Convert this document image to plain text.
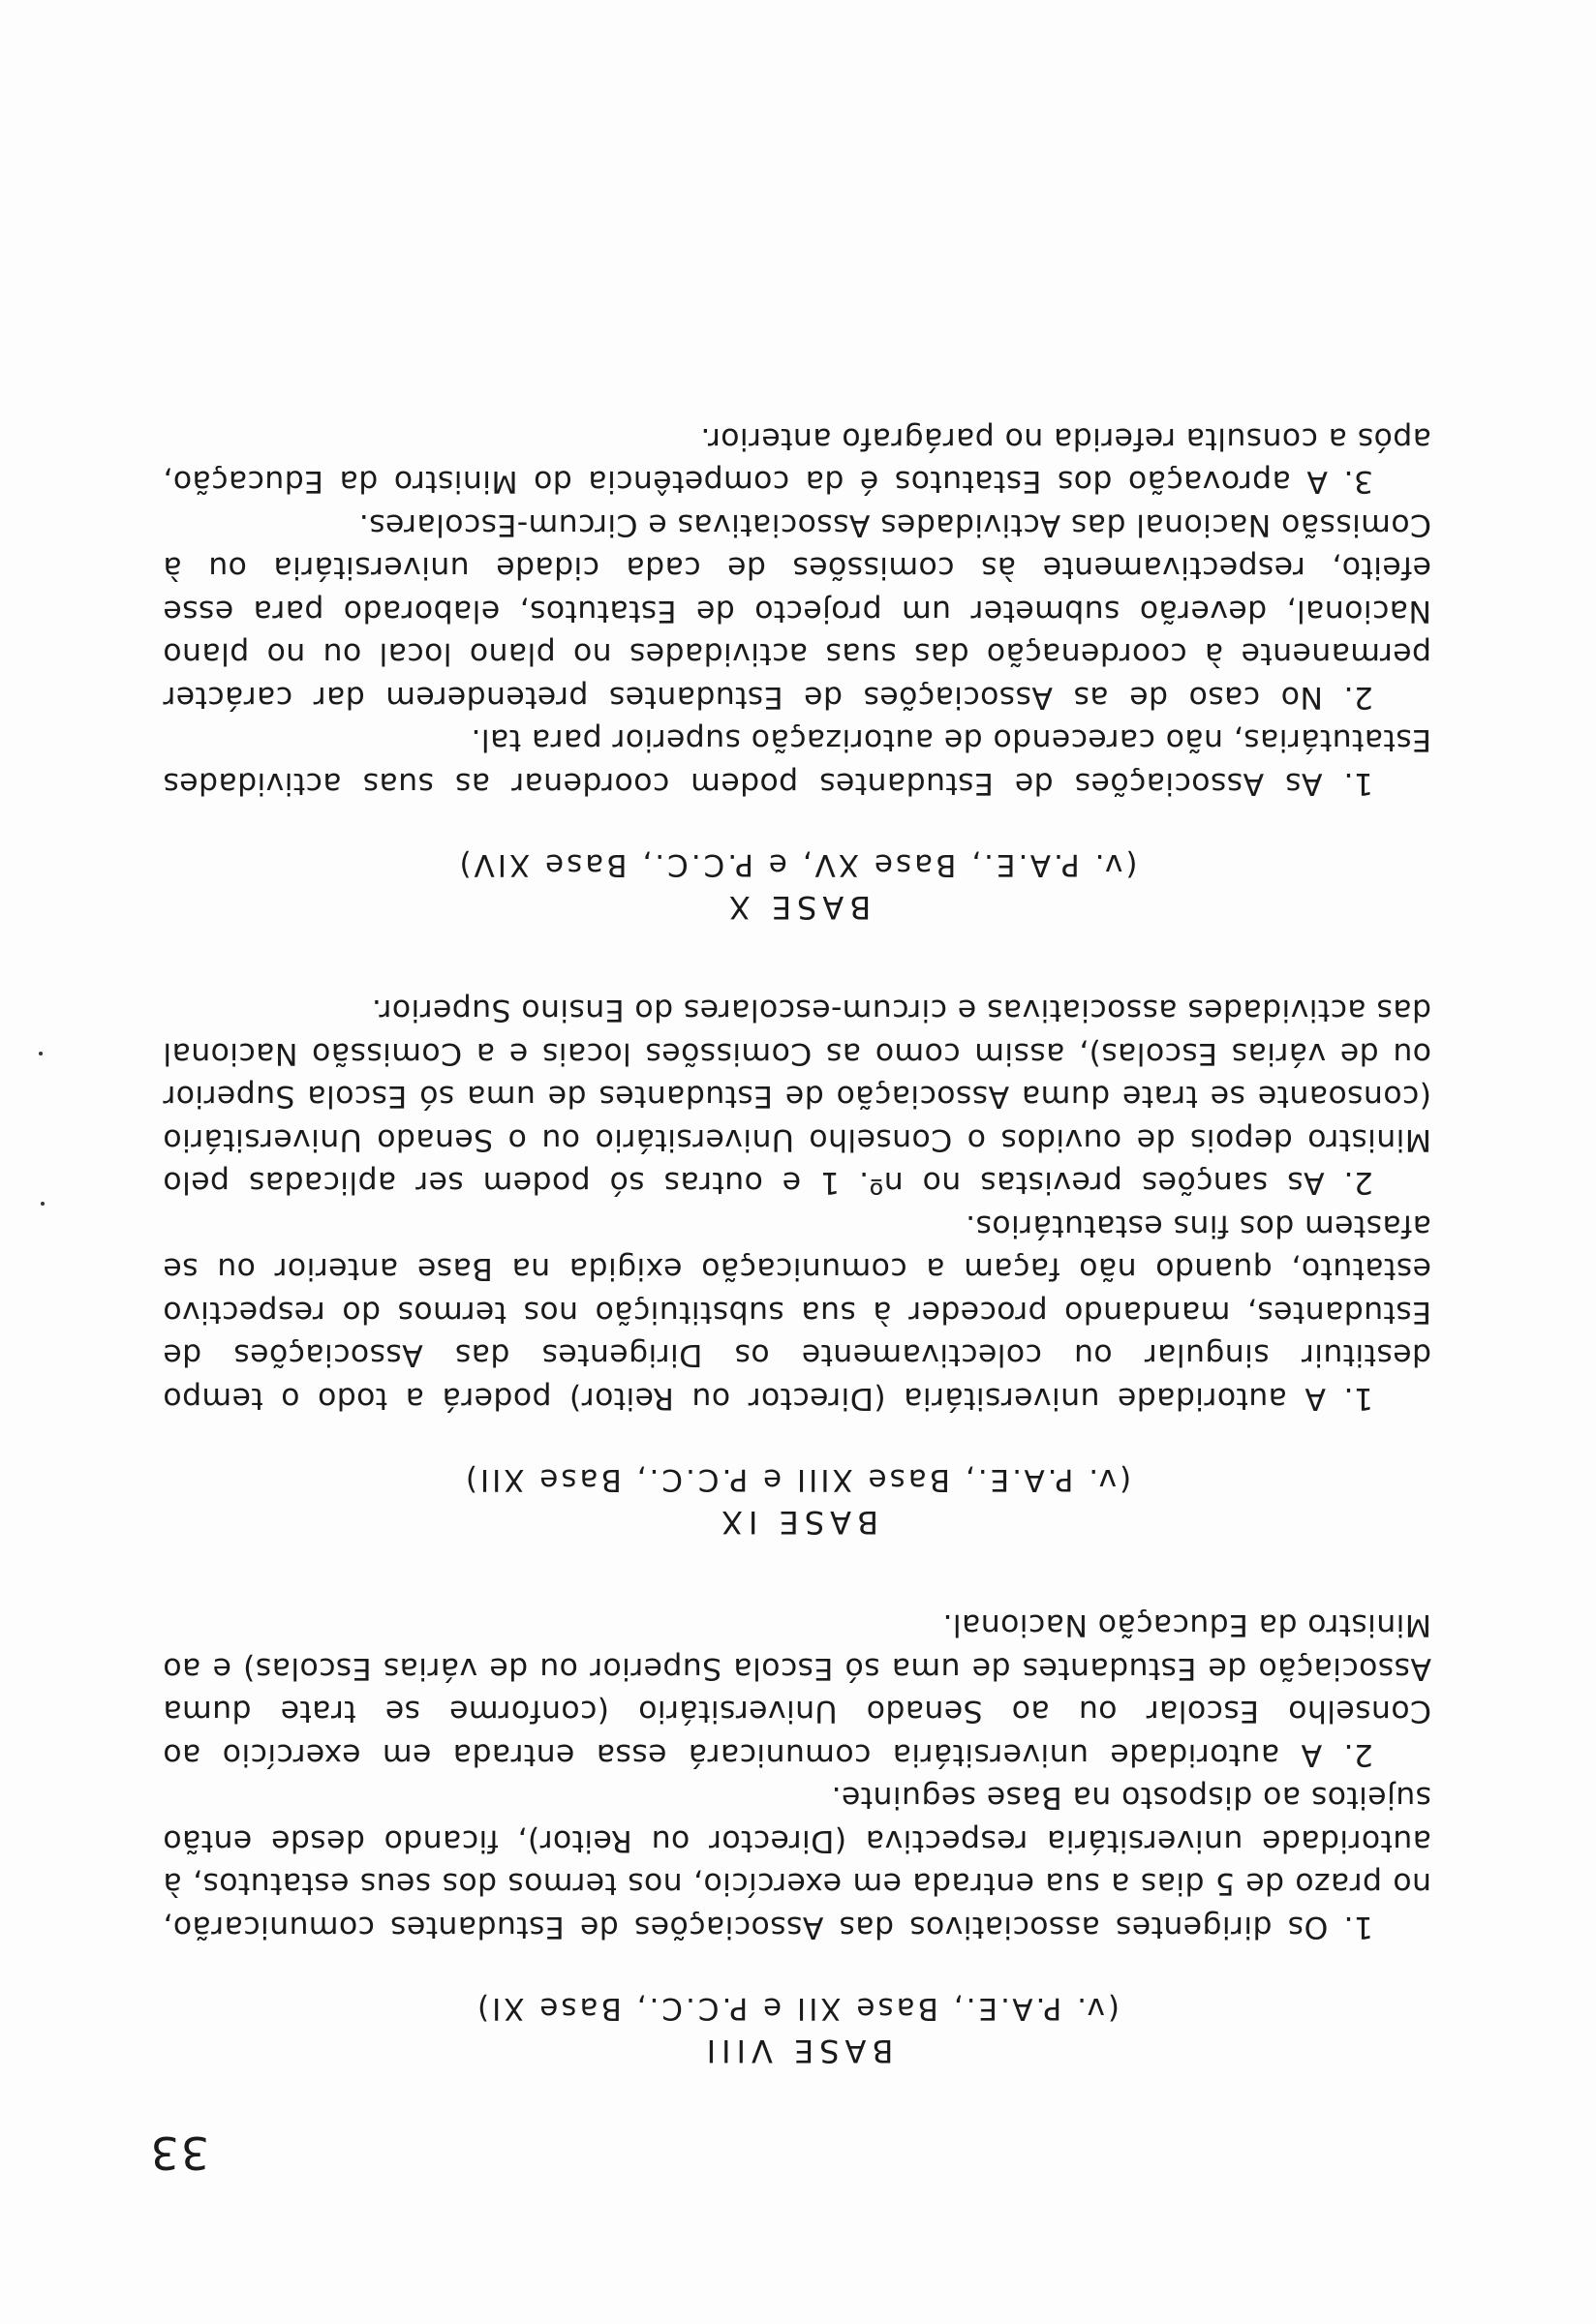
33

BASE VIII

(v. P.A.E., Base XII e P.C.C., Base XI)

1. Os dirigentes associativos das Associações de Estudantes comunicarão, no prazo de 5 dias a sua entrada em exercício, nos termos dos seus estatutos, à autoridade universitária respectiva (Director ou Reitor), ficando desde então sujeitos ao disposto na Base seguinte.

2. A autoridade universitária comunicará essa entrada em exercício ao Conselho Escolar ou ao Senado Universitário (conforme se trate duma Associação de Estudantes de uma só Escola Superior ou de várias Escolas) e ao Ministro da Educação Nacional.

BASE IX

(v. P.A.E., Base XIII e P.C.C., Base XII)

1. A autoridade universitária (Director ou Reitor) poderá a todo o tempo destituir singular ou colectivamente os Dirigentes das Associações de Estudantes, mandando proceder à sua substituição nos termos do respectivo estatuto, quando não façam a comunicação exigida na Base anterior ou se afastem dos fins estatutários.

2. As sanções previstas no nº. 1 e outras só podem ser aplicadas pelo Ministro depois de ouvidos o Conselho Universitário ou o Senado Universitário (consoante se trate duma Associação de Estudantes de uma só Escola Superior ou de várias Escolas), assim como as Comissões locais e a Comissão Nacional das actividades associativas e circum-escolares do Ensino Superior.

BASE X

(v. P.A.E., Base XV, e P.C.C., Base XIV)

1. As Associações de Estudantes podem coordenar as suas actividades Estatutárias, não carecendo de autorização superior para tal.

2. No caso de as Associações de Estudantes pretenderem dar carácter permanente à coordenação das suas actividades no plano local ou no plano Nacional, deverão submeter um projecto de Estatutos, elaborado para esse efeito, respectivamente às comissões de cada cidade universitária ou à Comissão Nacional das Actividades Associativas e Circum-Escolares.

3. A aprovação dos Estatutos é da competência do Ministro da Educação, após a consulta referida no parágrafo anterior.
